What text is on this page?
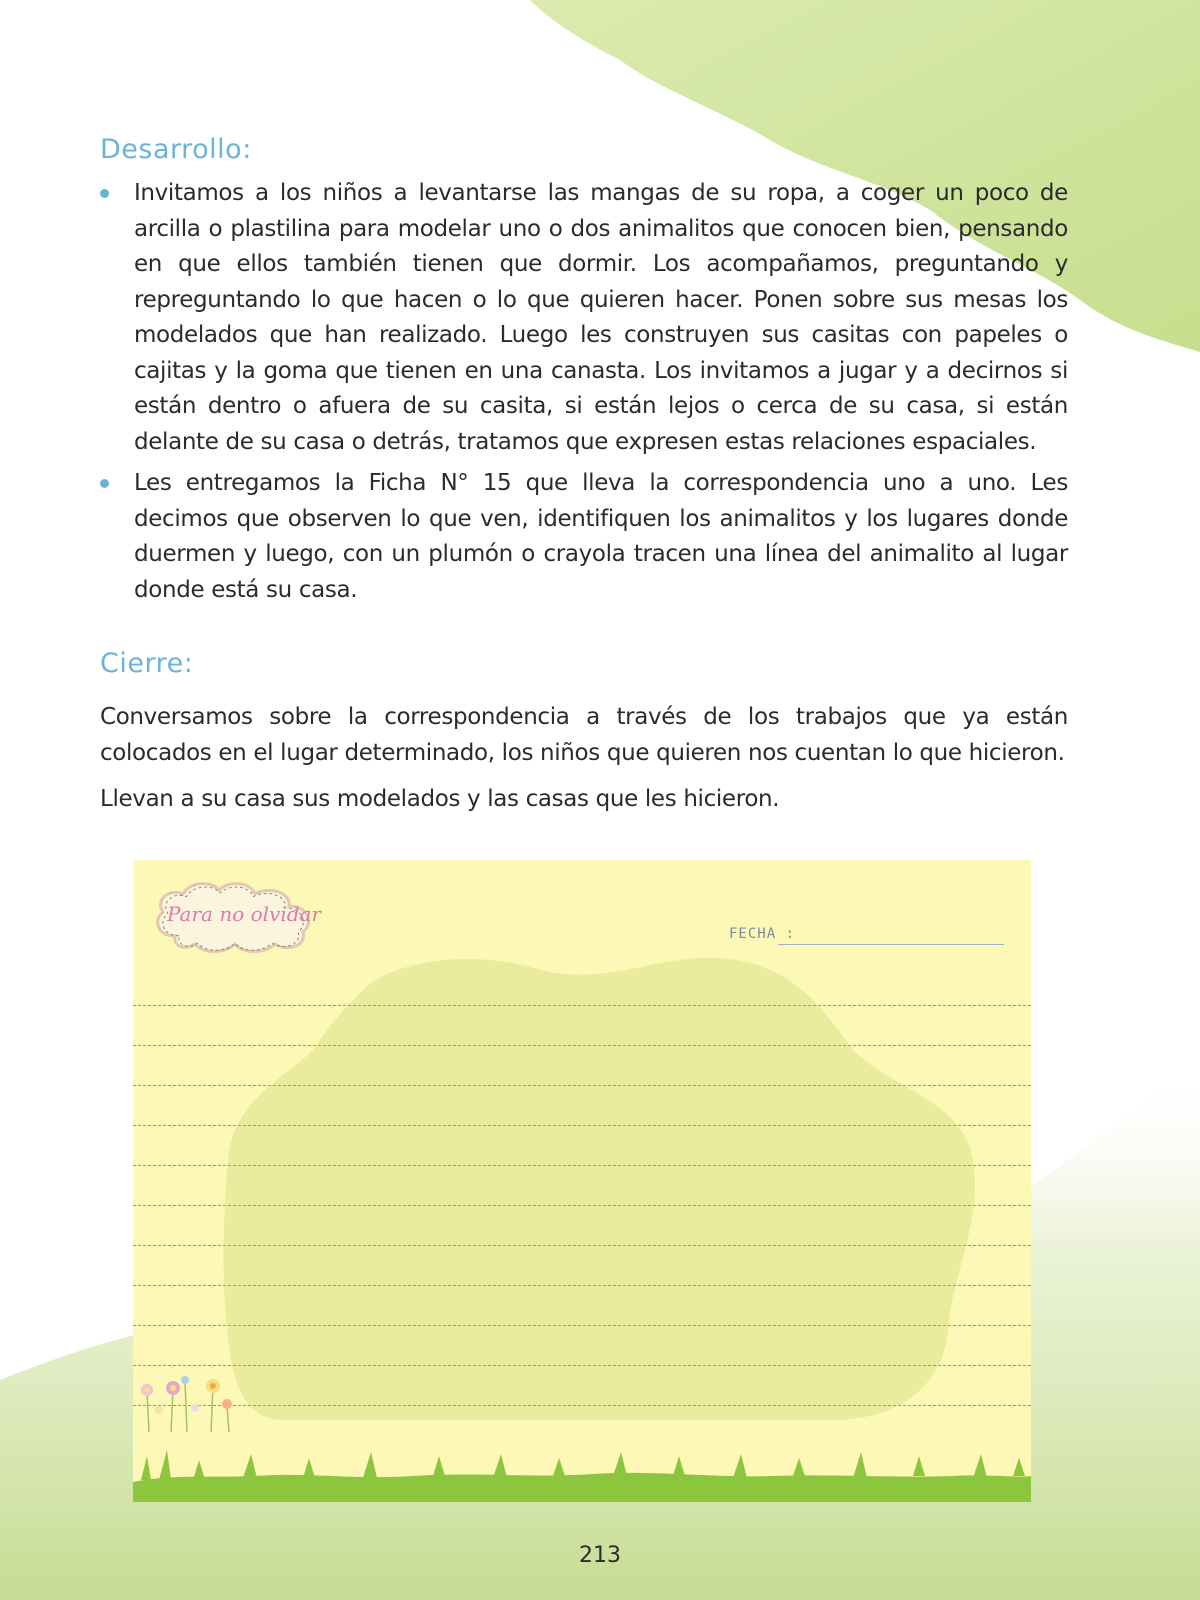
Desarrollo:
Invitamos a los niños a levantarse las mangas de su ropa, a coger un poco de arcilla o plastilina para modelar uno o dos animalitos que conocen bien, pensando en que ellos también tienen que dormir. Los acompañamos, preguntando y repreguntando lo que hacen o lo que quieren hacer. Ponen sobre sus mesas los modelados que han realizado. Luego les construyen sus casitas con papeles o cajitas y la goma que tienen en una canasta. Los invitamos a jugar y a decirnos si están dentro o afuera de su casita, si están lejos o cerca de su casa, si están delante de su casa o detrás, tratamos que expresen estas relaciones espaciales.
Les entregamos la Ficha N° 15 que lleva la correspondencia uno a uno. Les decimos que observen lo que ven, identifiquen los animalitos y los lugares donde duermen y luego, con un plumón o crayola tracen una línea del animalito al lugar donde está su casa.
Cierre:

Conversamos sobre la correspondencia a través de los trabajos que ya están colocados en el lugar determinado, los niños que quieren nos cuentan lo que hicieron.

Llevan a su casa sus modelados y las casas que les hicieron.

Para no olvidar
FECHA :
213
